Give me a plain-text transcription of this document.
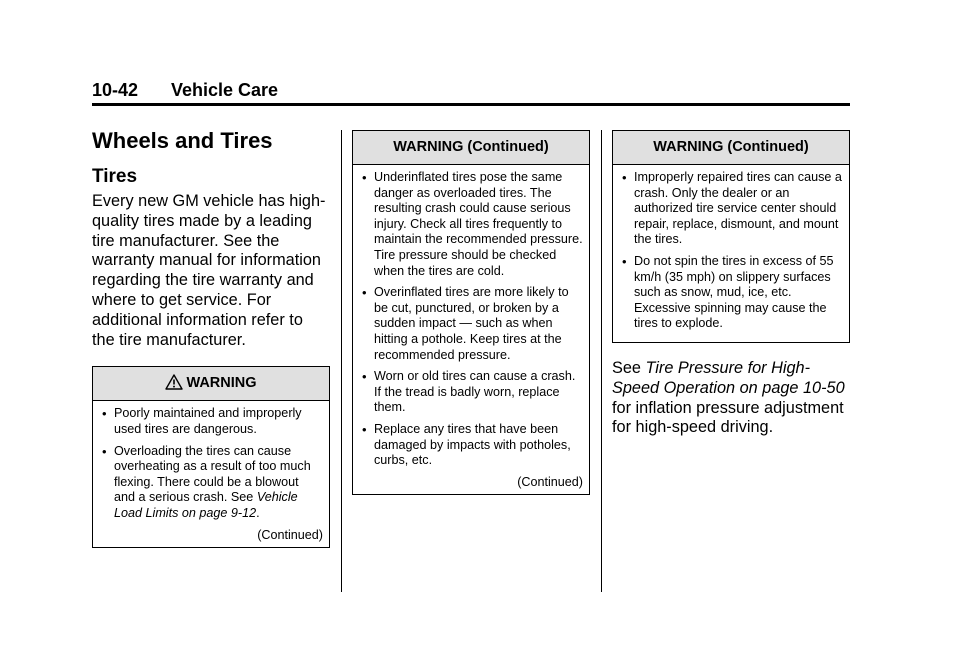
10-42 Vehicle Care
Wheels and Tires
Tires

Every new GM vehicle has high-quality tires made by a leading tire manufacturer. See the warranty manual for information regarding the tire warranty and where to get service. For additional information refer to the tire manufacturer.

WARNING
• Poorly maintained and improperly used tires are dangerous.
• Overloading the tires can cause overheating as a result of too much flexing. There could be a blowout and a serious crash. See Vehicle Load Limits on page 9-12.
(Continued)
WARNING (Continued)
• Underinflated tires pose the same danger as overloaded tires. The resulting crash could cause serious injury. Check all tires frequently to maintain the recommended pressure. Tire pressure should be checked when the tires are cold.
• Overinflated tires are more likely to be cut, punctured, or broken by a sudden impact — such as when hitting a pothole. Keep tires at the recommended pressure.
• Worn or old tires can cause a crash. If the tread is badly worn, replace them.
• Replace any tires that have been damaged by impacts with potholes, curbs, etc.
(Continued)
WARNING (Continued)
• Improperly repaired tires can cause a crash. Only the dealer or an authorized tire service center should repair, replace, dismount, and mount the tires.
• Do not spin the tires in excess of 55 km/h (35 mph) on slippery surfaces such as snow, mud, ice, etc. Excessive spinning may cause the tires to explode.
See Tire Pressure for High-Speed Operation on page 10-50 for inflation pressure adjustment for high-speed driving.
